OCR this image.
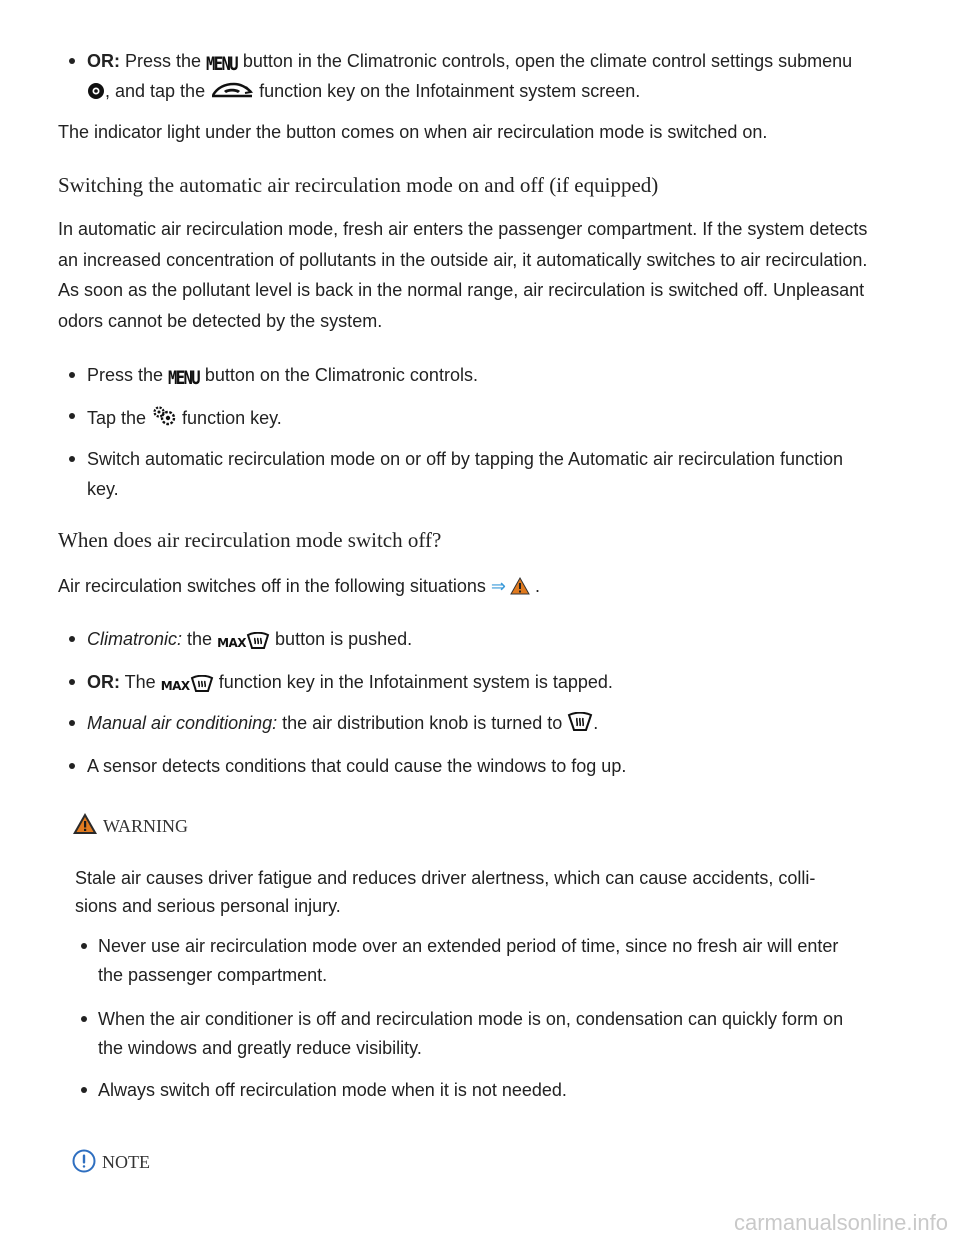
OR: Press the MENU button in the Climatronic controls, open the climate control settings submenu
, and tap the  function key on the Infotainment system screen.
The indicator light under the button comes on when air recirculation mode is switched on.
Switching the automatic air recirculation mode on and off (if equipped)
In automatic air recirculation mode, fresh air enters the passenger compartment. If the system detects
an increased concentration of pollutants in the outside air, it automatically switches to air recirculation.
As soon as the pollutant level is back in the normal range, air recirculation is switched off. Unpleasant
odors cannot be detected by the system.
Press the MENU button on the Climatronic controls.
Tap the  function key.
Switch automatic recirculation mode on or off by tapping the Automatic air recirculation function
key.
When does air recirculation mode switch off?
Air recirculation switches off in the following situations ⇒ .
Climatronic: the MAX button is pushed.
OR: The MAX function key in the Infotainment system is tapped.
Manual air conditioning: the air distribution knob is turned to .
A sensor detects conditions that could cause the windows to fog up.
WARNING
Stale air causes driver fatigue and reduces driver alertness, which can cause accidents, colli-
sions and serious personal injury.
Never use air recirculation mode over an extended period of time, since no fresh air will enter
the passenger compartment.
When the air conditioner is off and recirculation mode is on, condensation can quickly form on
the windows and greatly reduce visibility.
Always switch off recirculation mode when it is not needed.
NOTE
carmanualsonline.info
